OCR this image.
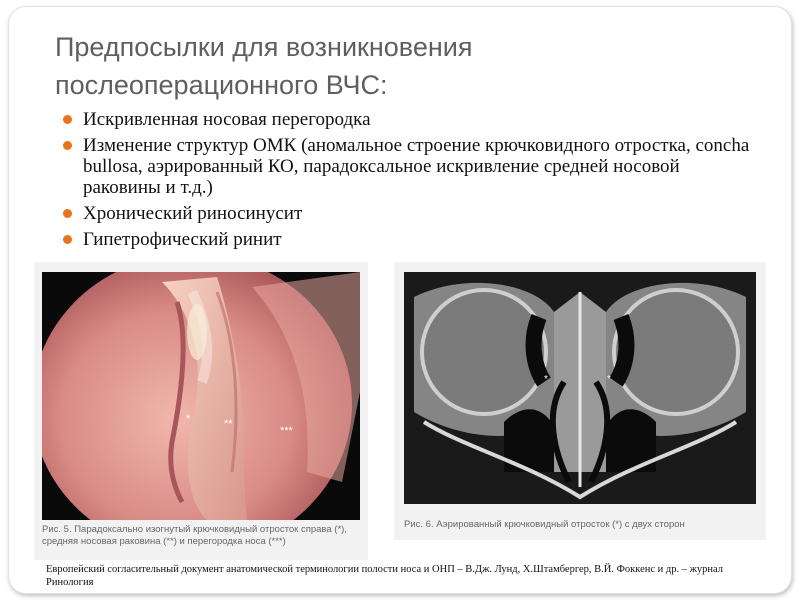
Предпосылки для возникновения
послеоперационного ВЧС:
Искривленная носовая перегородка
Изменение структур ОМК (аномальное строение крючковидного отростка, concha bullosa, аэрированный КО, парадоксальное искривление средней носовой раковины и т.д.)
Хронический риносинусит
Гипетрофический ринит
*	**
***
Рис. 5. Парадоксально изогнутый крючковидный отросток справа (*), средняя носовая раковина (**) и перегородка носа (***)
*	*
Рис. 6. Аэрированный крючковидный отросток (*) с двух сторон
Европейский согласительный документ анатомической терминологии полости носа и ОНП – В.Дж. Лунд, Х.Штамбергер, В.Й. Фоккенс и др. – журнал Ринология
